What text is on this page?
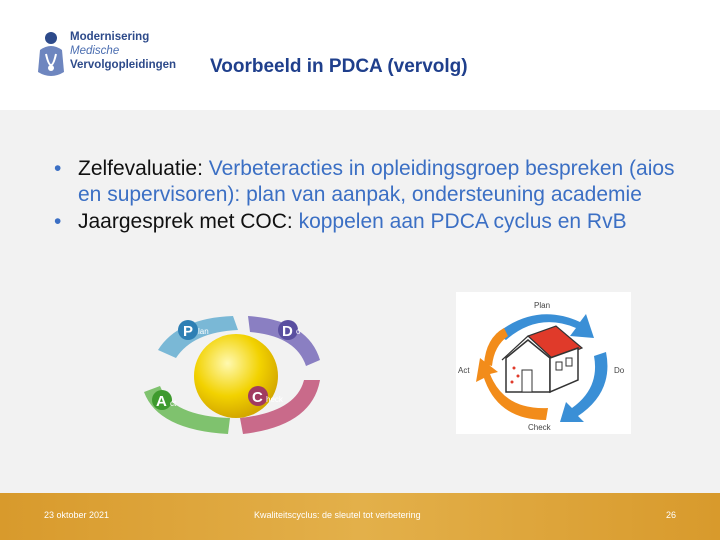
Modernisering
Medische
Vervolgopleidingen Voorbeeld in PDCA (vervolg)
• Zelfevaluatie: Verbeteracties in opleidingsgroep bespreken (aios en supervisoren): plan van aanpak, ondersteuning academie
• Jaargesprek met COC: koppelen aan PDCA cyclus en RvB
P lan	D o
A ct	C heck
Plan
Do
Check
Act
23 oktober 2021	Kwaliteitscyclus: de sleutel tot verbetering	26
